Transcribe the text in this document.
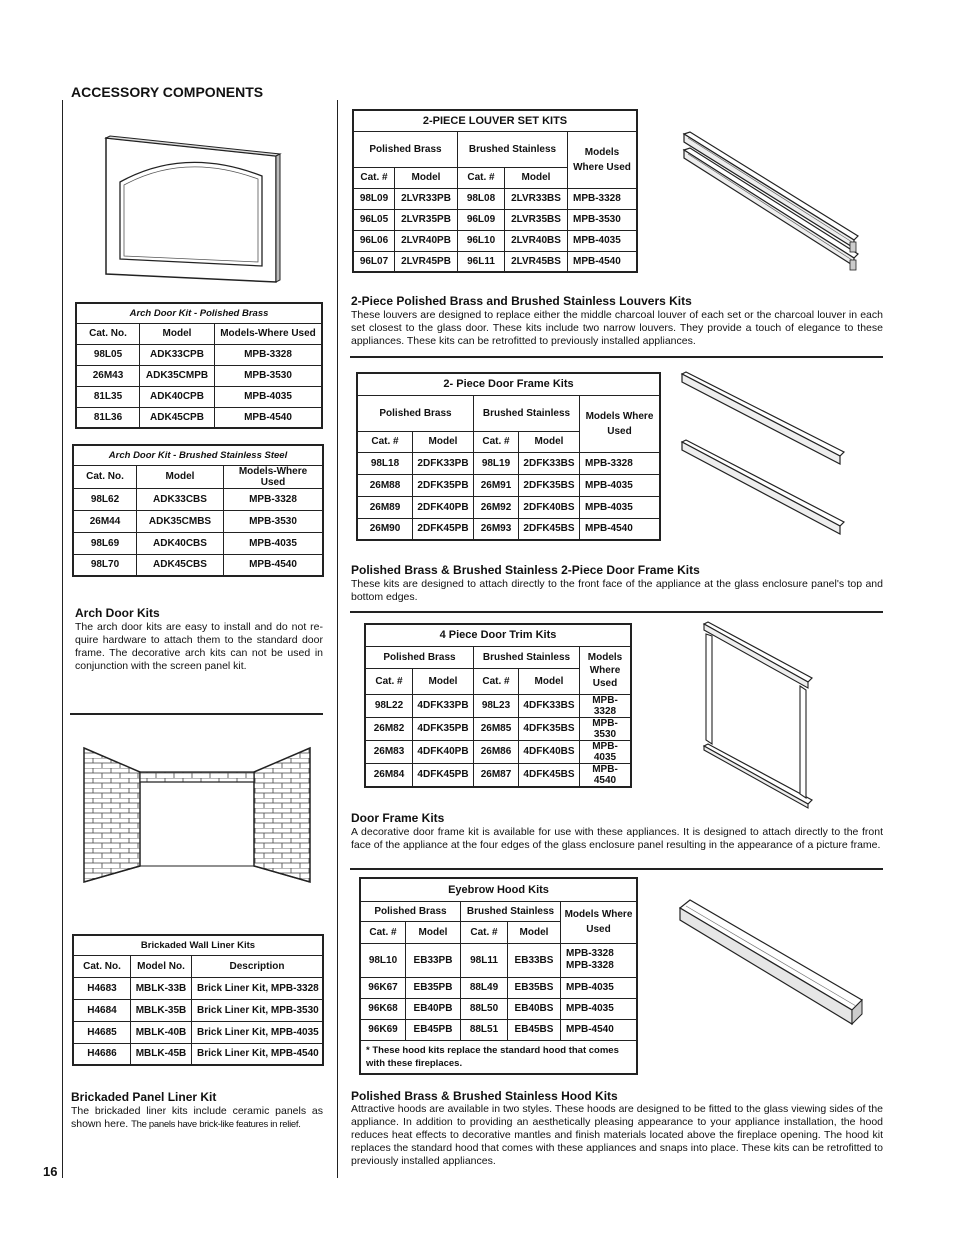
ACCESSORY COMPONENTS
16
Arch Door Kit - Polished Brass		
Cat. No.	Model	Models-Where Used
98L05	ADK33CPB	MPB-3328
26M43	ADK35CMPB	MPB-3530
81L35	ADK40CPB	MPB-4035
81L36	ADK45CPB	MPB-4540
Arch Door Kit - Brushed Stainless Steel		
Cat. No.	Model	Models-Where Used
98L62	ADK33CBS	MPB-3328
26M44	ADK35CMBS	MPB-3530
98L69	ADK40CBS	MPB-4035
98L70	ADK45CBS	MPB-4540
Arch Door Kits
The arch door kits are easy to install and do not re-quire hardware to attach them to the standard door frame. The decorative arch kits can not be used in conjunction with the screen panel kit.
Brickaded Wall Liner Kits		
Cat. No.	Model No.	Description
H4683	MBLK-33B	Brick Liner Kit, MPB-3328
H4684	MBLK-35B	Brick Liner Kit, MPB-3530
H4685	MBLK-40B	Brick Liner Kit, MPB-4035
H4686	MBLK-45B	Brick Liner Kit, MPB-4540
Brickaded Panel Liner Kit
The brickaded liner kits include ceramic panels as shown here. The panels have brick-like features in relief.
2-PIECE LOUVER SET KITS				
Polished Brass		Brushed Stainless		Models Where Used
Cat. #	Model	Cat. #	Model	
98L09	2LVR33PB	98L08	2LVR33BS	MPB-3328
96L05	2LVR35PB	96L09	2LVR35BS	MPB-3530
96L06	2LVR40PB	96L10	2LVR40BS	MPB-4035
96L07	2LVR45PB	96L11	2LVR45BS	MPB-4540
2-Piece Polished Brass and Brushed Stainless Louvers Kits
These louvers are designed to replace either the middle charcoal louver of each set or the charcoal louver in each set closest to the glass door. These kits include two narrow louvers. They provide a touch of elegance to these appliances. These kits can be retrofitted to previously installed appliances.
2- Piece Door Frame Kits				
Polished Brass		Brushed Stainless		Models Where Used
Cat. #	Model	Cat. #	Model	
98L18	2DFK33PB	98L19	2DFK33BS	MPB-3328
26M88	2DFK35PB	26M91	2DFK35BS	MPB-4035
26M89	2DFK40PB	26M92	2DFK40BS	MPB-4035
26M90	2DFK45PB	26M93	2DFK45BS	MPB-4540
Polished Brass & Brushed Stainless 2-Piece Door Frame Kits
These kits are designed to attach directly to the front face of the appliance at the glass enclosure panel's top and bottom edges.
4 Piece Door Trim Kits				
Polished Brass		Brushed Stainless		Models Where Used
Cat. #	Model	Cat. #	Model	
98L22	4DFK33PB	98L23	4DFK33BS	MPB-3328
26M82	4DFK35PB	26M85	4DFK35BS	MPB-3530
26M83	4DFK40PB	26M86	4DFK40BS	MPB-4035
26M84	4DFK45PB	26M87	4DFK45BS	MPB-4540
Door Frame Kits
A decorative door frame kit is available for use with these appliances. It is designed to attach directly to the front face of the appliance at the four edges of the glass enclosure panel resulting in the appearance of a picture frame.
Eyebrow Hood Kits				
Polished Brass		Brushed Stainless		Models Where Used
Cat. #	Model	Cat. #	Model	
98L10	EB33PB	98L11	EB33BS	MPB-3328
MPB-3328
96K67	EB35PB	88L49	EB35BS	MPB-4035
96K68	EB40PB	88L50	EB40BS	MPB-4035
96K69	EB45PB	88L51	EB45BS	MPB-4540
* These hood kits replace the standard hood that comes with these fireplaces.				
Polished Brass & Brushed Stainless Hood Kits
Attractive hoods are available in two styles. These hoods are designed to be fitted to the glass viewing sides of the appliance. In addition to providing an aesthetically pleasing appearance to your appliance installation, the hood reduces heat effects to decorative mantles and finish materials located above the fireplace opening. The hood kit replaces the standard hood that comes with these appliances and snaps into place. These kits can be retrofitted to previously installed appliances.
